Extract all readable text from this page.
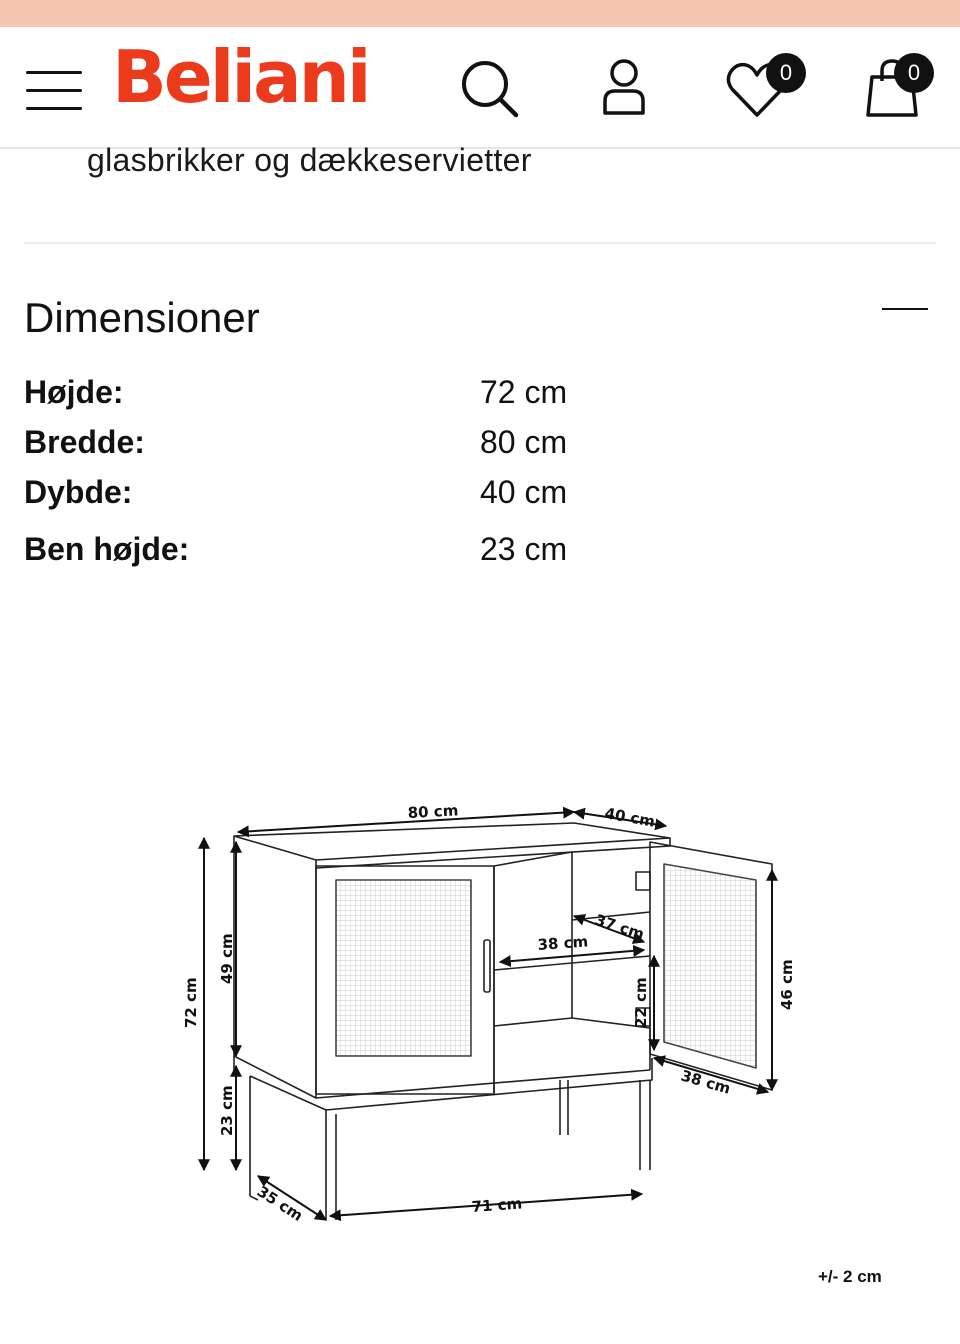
Beliani	0	0
glasbrikker og dækkeservietter
Dimensioner
Højde:	72 cm
Bredde:	80 cm
Dybde:	40 cm
Ben højde:	23 cm
80 cm	40 cm
37 cm
38 cm
72 cm
49 cm
23 cm
22 cm	46 cm
38 cm
35 cm	71 cm
+/- 2 cm
